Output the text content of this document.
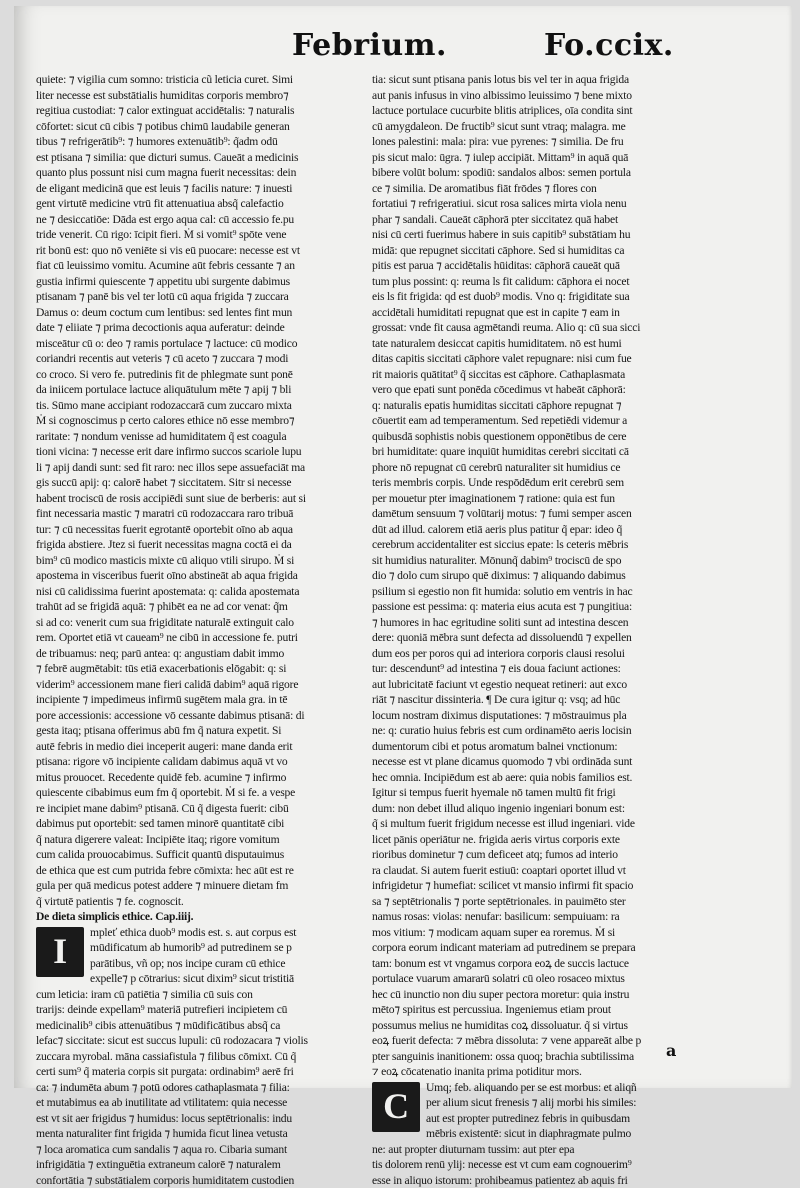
Febrium.	Fo.ccix.
quiete: ⁊ vigilia cum somno: tristicia cũ leticia curet. Simi
liter necesse est substātialis humiditas corporis membro⁊
regitiua custodiat: ⁊ calor extinguat accidētalis: ⁊ naturalis
cōfortet: sicut cū cibis ⁊ potibus chimū laudabile generan
tibus ⁊ refrigerātib⁹: ⁊ humores extenuātib⁹: q̃adm odū
est ptisana ⁊ similia: que dicturi sumus. Caueāt a medicinis
quanto plus possunt nisi cum magna fuerit necessitas: dein
de eligant medicinā que est leuis ⁊ facilis nature: ⁊ inuesti
gent virtutē medicine vtrū fit attenuatiua absq̃ calefactio
ne ⁊ desiccatiōe: Dāda est ergo aqua cal: cū accessio fe.pu
tride venerit. Cū rigo: īcipit fieri. Ṁ si vomit⁹ spōte vene
rit bonū est: quo nō veniēte si vis eū puocare: necesse est vt
fiat cū leuissimo vomitu. Acumine aūt febris cessante ⁊ an
gustia infirmi quiescente ⁊ appetitu ubi surgente dabimus
ptisanam ⁊ panē bis vel ter lotū cū aqua frigida ⁊ zuccara
Damus o: deum coctum cum lentibus: sed lentes fint mun
date ⁊ eliiate ⁊ prima decoctionis aqua auferatur: deinde
misceātur cū o: deo ⁊ ramis portulace ⁊ lactuce: cū modico
coriandri recentis aut veteris ⁊ cū aceto ⁊ zuccara ⁊ modi
co croco. Si vero fe. putredinis fit de phlegmate sunt ponē
da iniicem portulace lactuce aliquātulum mēte ⁊ apij ⁊ bli
tis. Sūmo mane accipiant rodozaccarā cum zuccaro mixta
Ṁ si cognoscimus p certo calores ethice nō esse membro⁊
raritate: ⁊ nondum venisse ad humiditatem q̃ est coagula
tioni vicina: ⁊ necesse erit dare infirmo succos scariole lupu
li ⁊ apij dandi sunt: sed fit raro: nec illos sepe assuefaciāt ma
gis succū apij: q: calorē habet ⁊ siccitatem. Sitr si necesse
habent trociscū de rosis accipiēdi sunt siue de berberis: aut si
fint necessaria mastic ⁊ maratri cū rodozaccara raro tribuā
tur: ⁊ cū necessitas fuerit egrotantē oportebit oīno ab aqua
frigida abstiere. Jtez si fuerit necessitas magna coctā ei da
bim⁹ cū modico masticis mixte cū aliquo vtili sirupo. Ṁ si
apostema in visceribus fuerit oīno abstineāt ab aqua frigida
nisi cū calidissima fuerint apostemata: q: calida apostemata
trahūt ad se frigidā aquā: ⁊ phibēt ea ne ad cor venat: q̃m
si ad co: venerit cum sua frigiditate naturalē extinguit calo
rem. Oportet etiā vt caueam⁹ ne cibū in accessione fe. putri
de tribuamus: neq; parū antea: q: angustiam dabit immo
⁊ febrē augmētabit: tūs etiā exacerbationis elōgabit: q: si
viderim⁹ accessionem mane fieri calidā dabim⁹ aquā rigore
incipiente ⁊ impedimeus infirmū sugētem mala gra. in tē
pore accessionis: accessione vō cessante dabimus ptisanā: di
gesta itaq; ptisana offerimus abū fm q̃ natura expetit. Si
autē febris in medio diei inceperit augeri: mane danda erit
ptisana: rigore vō incipiente calidam dabimus aquā vt vo
mitus prouocet. Recedente quidē feb. acumine ⁊ infirmo
quiescente cibabimus eum fm q̃ oportebit. Ṁ si fe. a vespe
re incipiet mane dabim⁹ ptisanā. Cū q̃ digesta fuerit: cibū
dabimus put oportebit: sed tamen minorē quantitatē cibi
q̃ natura digerere valeat: Incipiēte itaq; rigore vomitum
cum calida prouocabimus. Sufficit quantū disputauimus
de ethica que est cum putrida febre cōmixta: hec aūt est re
gula per quā medicus potest addere ⁊ minuere dietam fm
q̃ virtutē patientis ⁊ fe. cognoscit.
De dieta simplicis ethice. Cap.iiij.
I	mpleť ethica duob⁹ modis est. s. aut corpus est
mūdificatum ab humorib⁹ ad putredinem se p
parātibus, vñ op; nos incipe curam cū ethice
expelle⁊ p cōtrarius: sicut dixim⁹ sicut tristitiā
cum leticia: iram cū patiētia ⁊ similia cū suis con
trarijs: deinde expellam⁹ materiā putrefieri incipietem cū
medicinalib⁹ cibis attenuātibus ⁊ mūdificātibus absq̃ ca
lefac⁊ siccitate: sicut est succus lupuli: cū rodozacara ⁊ violis
zuccara myrobal. māna cassiafistula ⁊ filibus cōmixt. Cū q̃
certi sum⁹ q̃ materia corpis sit purgata: ordinabim⁹ aerē fri
ca: ⁊ indumēta abum ⁊ potū odores cathaplasmata ⁊ filia:
et mutabimus ea ab inutilitate ad vtilitatem: quia necesse
est vt sit aer frigidus ⁊ humidus: locus septētrionalis: indu
menta naturaliter fint frigida ⁊ humida ficut linea vetusta
⁊ loca aromatica cum sandalis ⁊ aqua ro. Cibaria sumant
infrigidātia ⁊ extinguētia extraneum calorē ⁊ naturalem
confortātia ⁊ substātialem corporis humiditatem custodien
tia: sicut sunt ptisana panis lotus bis vel ter in aqua frigida
aut panis infusus in vino albissimo leuissimo ⁊ bene mixto
lactuce portulace cucurbite blitis atriplices, oīa condita sint
cū amygdaleon. De fructib⁹ sicut sunt vtraq; malagra. me
lones palestini: mala: pira: vue pyrenes: ⁊ similia. De fru
pis sicut malo: ūgra. ⁊ iulep accipiāt. Mittam⁹ in aquā quā
bibere volūt bolum: spodiū: sandalos albos: semen portula
ce ⁊ similia. De aromatibus fiāt frōdes ⁊ flores con
fortatiui ⁊ refrigeratiui. sicut rosa salices mirta viola nenu
phar ⁊ sandali. Caueāt cāphorā pter siccitatez quā habet
nisi cū certi fuerimus habere in suis capitib⁹ substātiam hu
midā: que repugnet siccitati cāphore. Sed si humiditas ca
pitis est parua ⁊ accidētalis hūiditas: cāphorā caueāt quā
tum plus possint: q: reuma ls fit calidum: cāphora ei nocet
eis ls fit frigida: qd est duob⁹ modis. Vno q: frigiditate sua
accidētali humiditati repugnat que est in capite ⁊ eam in
grossat: vnde fit causa agmētandi reuma. Alio q: cū sua sicci
tate naturalem desiccat capitis humiditatem. nō est humi
ditas capitis siccitati cāphore valet repugnare: nisi cum fue
rit maioris quātitat⁹ q̃ siccitas est cāphore. Cathaplasmata
vero que epati sunt ponēda cōcedimus vt habeāt cāphorā:
q: naturalis epatis humiditas siccitati cāphore repugnat ⁊
cōuertit eam ad temperamentum. Sed repetiēdi videmur a
quibusdā sophistis nobis questionem opponētibus de cere
bri humiditate: quare inquiūt humiditas cerebri siccitati cā
phore nō repugnat cū cerebrū naturaliter sit humidius ce
teris membris corpis. Unde respōdēdum erit cerebrū sem
per mouetur pter imaginationem ⁊ ratione: quia est fun
damētum sensuum ⁊ volūtarij motus: ⁊ fumi semper ascen
dūt ad illud. calorem etiā aeris plus patitur q̃ epar: ideo q̃
cerebrum accidentaliter est siccius epate: ls ceteris mēbris
sit humidius naturaliter. Mōnunq̃ dabim⁹ trociscū de spo
dio ⁊ dolo cum sirupo quē diximus: ⁊ aliquando dabimus
psilium si egestio non fit humida: solutio em ventris in hac
passione est pessima: q: materia eius acuta est ⁊ pungitiua:
⁊ humores in hac egritudine soliti sunt ad intestina descen
dere: quoniā mēbra sunt defecta ad dissoluendū ⁊ expellen
dum eos per poros qui ad interiora corporis clausi resolui
tur: descendunt⁹ ad intestina ⁊ eis doua faciunt actiones:
aut lubricitatē faciunt vt egestio nequeat retineri: aut exco
riāt ⁊ nascitur dissinteria. ¶ De cura igitur q: vsq; ad hūc
locum nostram diximus disputationes: ⁊ mōstrauimus pla
ne: q: curatio huius febris est cum ordinamēto aeris locisin
dumentorum cibi et potus aromatum balnei vnctionum:
necesse est vt plane dicamus quomodo ⁊ vbi ordināda sunt
hec omnia. Incipiēdum est ab aere: quia nobis familios est.
Igitur si tempus fuerit hyemale nō tamen multū fit frigi
dum: non debet illud aliquo ingenio ingeniari bonum est:
q̃ si multum fuerit frigidum necesse est illud ingeniari. vide
licet pānis operiātur ne. frigida aeris virtus corporis exte
rioribus dominetur ⁊ cum deficeet atq; fumos ad interio
ra claudat. Si autem fuerit estiuū: coaptari oportet illud vt
infrigidetur ⁊ humefiat: scilicet vt mansio infirmi fit spacio
sa ⁊ septētrionalis ⁊ porte septētrionales. in pauimēto ster
namus rosas: violas: nenufar: basilicum: sempuiuam: ra
mos vitium: ⁊ modicam aquam super ea roremus. Ṁ si
corpora eorum indicant materiam ad putredinem se prepara
tam: bonum est vt vngamus corpora eoꝝ de succis lactuce
portulace vuarum amararū solatri cū oleo rosaceo mixtus
hec cū inunctio non diu super pectora moretur: quia instru
mēto⁊ spiritus est percussiua. Ingeniemus etiam prout
possumus melius ne humiditas coꝝ dissoluatur. q̃ si virtus
eoꝝ fuerit defecta: ⁊ mēbra dissoluta: ⁊ vene appareāt albe p
pter sanguinis inanitionem: ossa quoq; brachia subtilissima
⁊ eoꝝ cōcatenatio inanita prima potiditur mors.
C	Umq; feb. aliquando per se est morbus: et aliqñ
per alium sicut frenesis ⁊ alij morbi his similes:
aut est propter putredinez febris in quibusdam
mēbris existentē: sicut in diaphragmate pulmo
ne: aut propter diuturnam tussim: aut pter epa
tis dolorem renū ylij: necesse est vt cum eam cognouerim⁹
esse in aliquo istorum: prohibeamus patientez ab aquis fri
a
